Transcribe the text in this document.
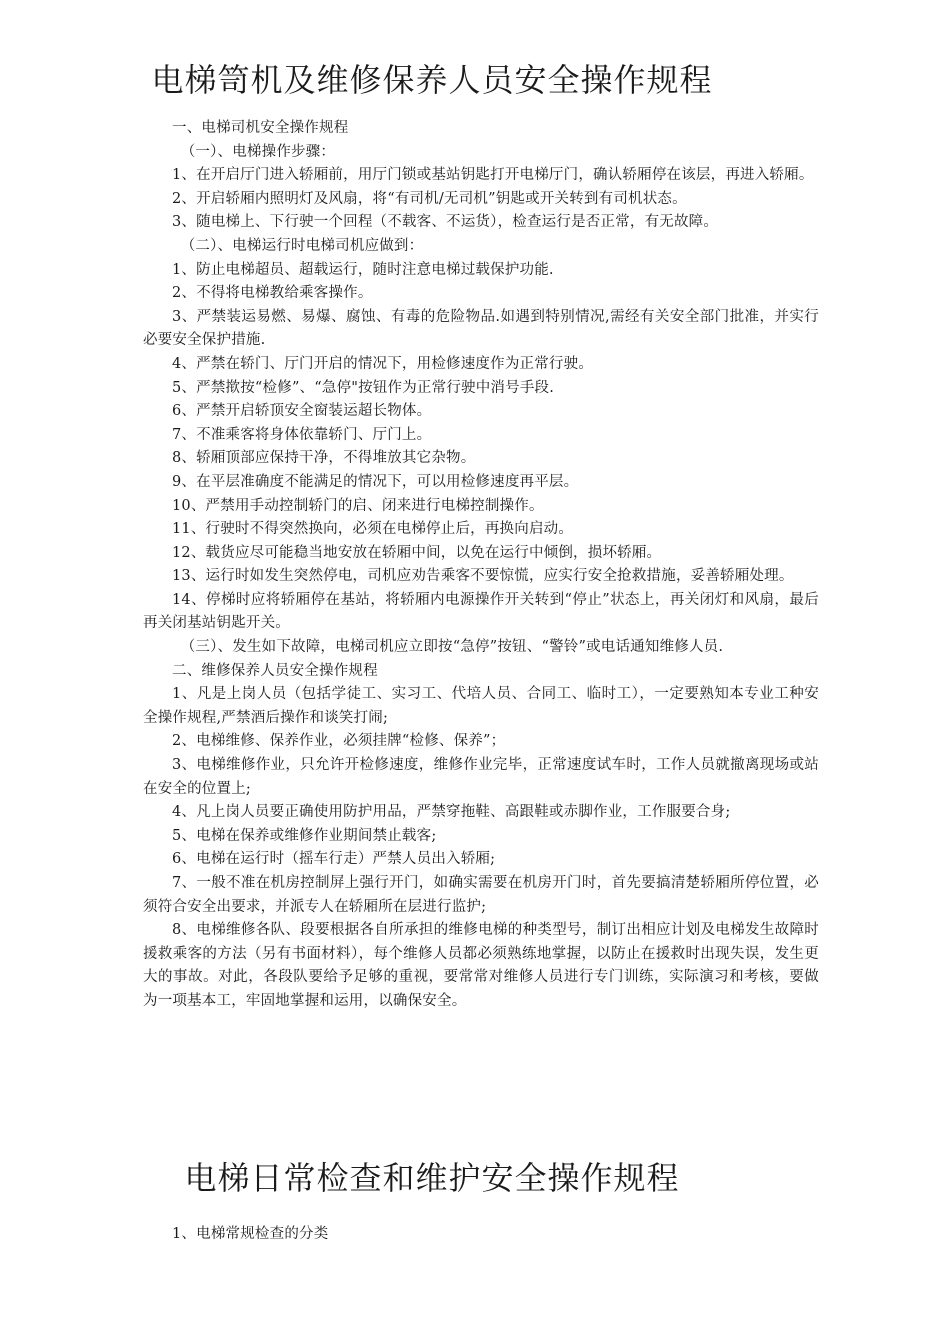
电梯笥机及维修保养人员安全操作规程

一、电梯司机安全操作规程

（一）、电梯操作步骤：

1、在开启厅门进入轿厢前，用厅门锁或基站钥匙打开电梯厅门，确认轿厢停在该层，再进入轿厢。

2、开启轿厢内照明灯及风扇，将“有司机/无司机”钥匙或开关转到有司机状态。

3、随电梯上、下行驶一个回程（不载客、不运货），检查运行是否正常，有无故障。

（二）、电梯运行时电梯司机应做到：

1、防止电梯超员、超载运行，随时注意电梯过载保护功能.

2、不得将电梯教给乘客操作。

3、严禁装运易燃、易爆、腐蚀、有毒的危险物品.如遇到特别情况,需经有关安全部门批准，并实行必要安全保护措施.

4、严禁在轿门、厅门开启的情况下，用检修速度作为正常行驶。

5、严禁揿按“检修”、“急停"按钮作为正常行驶中消号手段.

6、严禁开启轿顶安全窗装运超长物体。

7、不准乘客将身体依靠轿门、厅门上。

8、轿厢顶部应保持干净，不得堆放其它杂物。

9、在平层准确度不能满足的情况下，可以用检修速度再平层。

10、严禁用手动控制轿门的启、闭来进行电梯控制操作。

11、行驶时不得突然换向，必须在电梯停止后，再换向启动。

12、载货应尽可能稳当地安放在轿厢中间，以免在运行中倾倒，损坏轿厢。

13、运行时如发生突然停电，司机应劝告乘客不要惊慌，应实行安全抢救措施，妥善轿厢处理。

14、停梯时应将轿厢停在基站，将轿厢内电源操作开关转到“停止”状态上，再关闭灯和风扇，最后再关闭基站钥匙开关。

（三）、发生如下故障，电梯司机应立即按“急停”按钮、“警铃”或电话通知维修人员.

二、维修保养人员安全操作规程

1、凡是上岗人员（包括学徒工、实习工、代培人员、合同工、临时工），一定要熟知本专业工种安全操作规程,严禁酒后操作和谈笑打闹;

2、电梯维修、保养作业，必须挂牌“检修、保养”；

3、电梯维修作业，只允许开检修速度，维修作业完毕，正常速度试车时，工作人员就撤离现场或站在安全的位置上;

4、凡上岗人员要正确使用防护用品，严禁穿拖鞋、高跟鞋或赤脚作业，工作服要合身;

5、电梯在保养或维修作业期间禁止载客;

6、电梯在运行时（摇车行走）严禁人员出入轿厢;

7、一般不准在机房控制屏上强行开门，如确实需要在机房开门时，首先要搞清楚轿厢所停位置，必须符合安全出要求，并派专人在轿厢所在层进行监护;

8、电梯维修各队、段要根据各自所承担的维修电梯的种类型号，制订出相应计划及电梯发生故障时援救乘客的方法（另有书面材料），每个维修人员都必须熟练地掌握，以防止在援救时出现失误，发生更大的事故。对此，各段队要给予足够的重视，要常常对维修人员进行专门训练，实际演习和考核，要做为一项基本工，牢固地掌握和运用，以确保安全。

电梯日常检查和维护安全操作规程

1、电梯常规检查的分类
